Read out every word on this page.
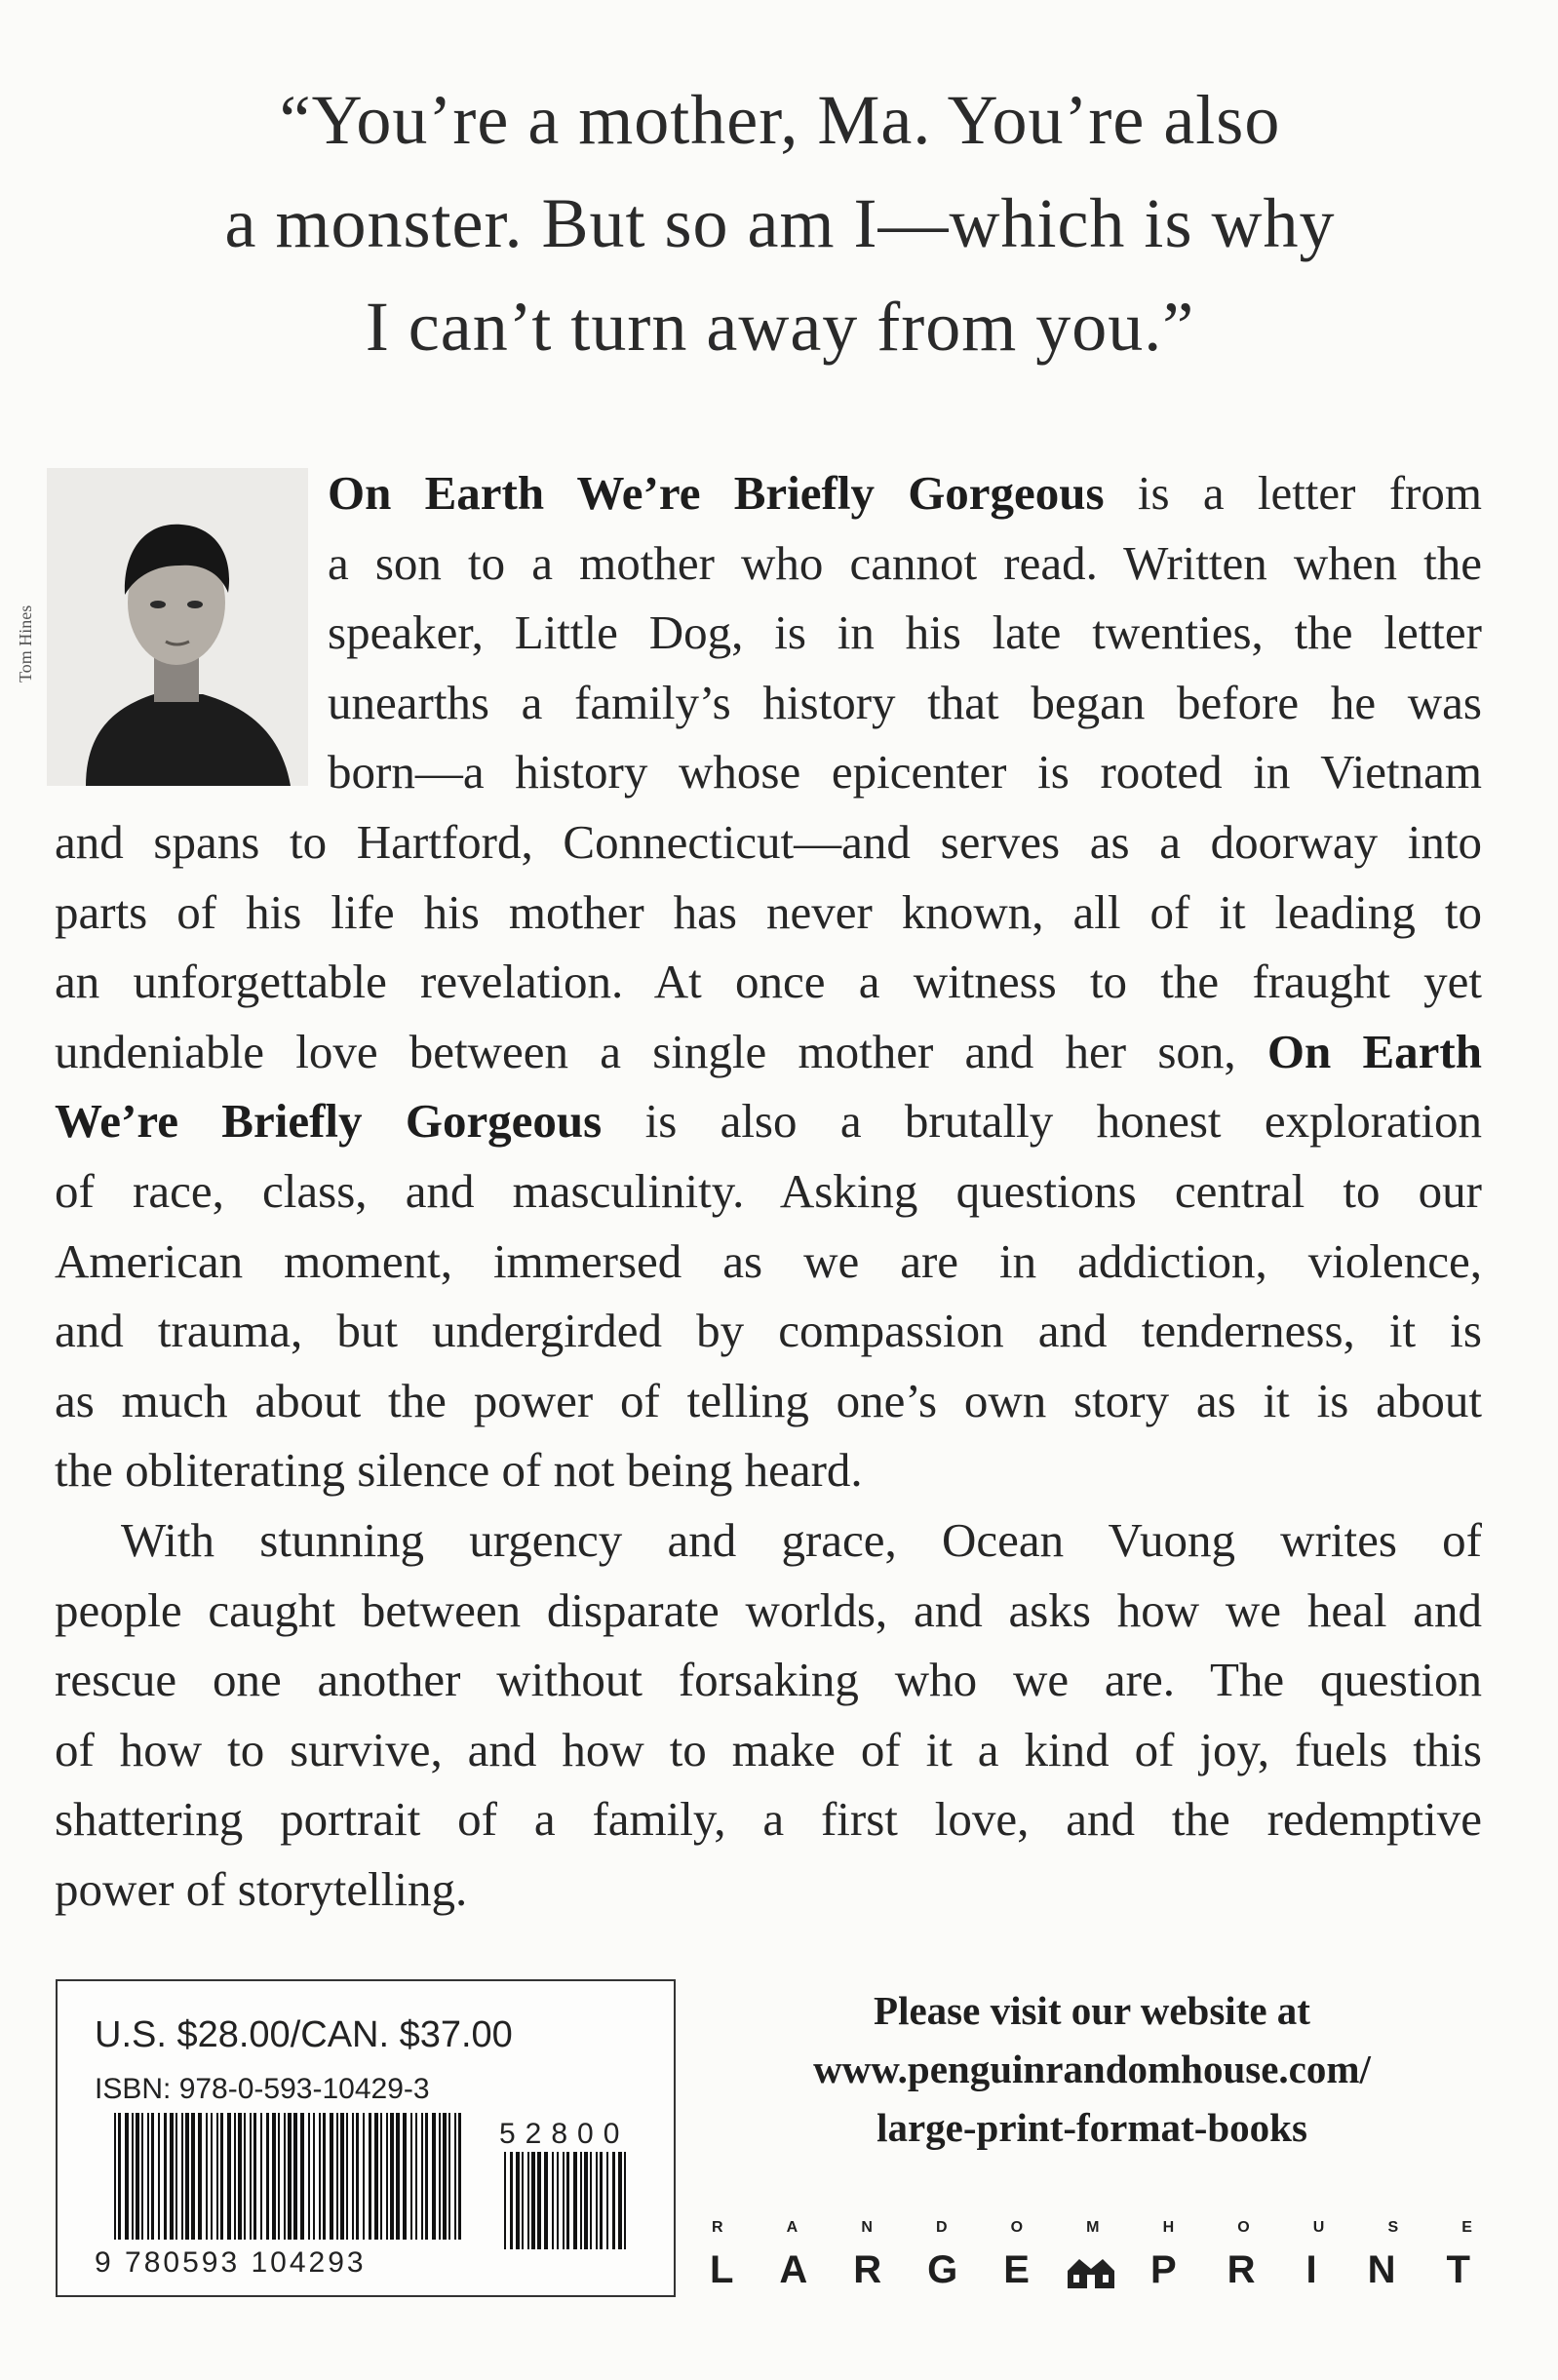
“You’re a mother, Ma. You’re also
a monster. But so am I—which is why
I can’t turn away from you.”
Tom Hines
On Earth We’re Briefly Gorgeous is a letter from
a son to a mother who cannot read. Written when the
speaker, Little Dog, is in his late twenties, the letter
unearths a family’s history that began before he was
born—a history whose epicenter is rooted in Vietnam
and spans to Hartford, Connecticut—and serves as a doorway into
parts of his life his mother has never known, all of it leading to
an unforgettable revelation. At once a witness to the fraught yet
undeniable love between a single mother and her son, On Earth
We’re Briefly Gorgeous is also a brutally honest exploration
of race, class, and masculinity. Asking questions central to our
American moment, immersed as we are in addiction, violence,
and trauma, but undergirded by compassion and tenderness, it is
as much about the power of telling one’s own story as it is about
the obliterating silence of not being heard.
With stunning urgency and grace, Ocean Vuong writes of
people caught between disparate worlds, and asks how we heal and
rescue one another without forsaking who we are. The question
of how to survive, and how to make of it a kind of joy, fuels this
shattering portrait of a family, a first love, and the redemptive
power of storytelling.
U.S. $28.00/CAN. $37.00
ISBN: 978-0-593-10429-3
9 780593 104293
52800
Please visit our website at
www.penguinrandomhouse.com/
large-print-format-books
R	A	N	D	O	M	H	O	U	S	E
L A R G E	P R I N T
